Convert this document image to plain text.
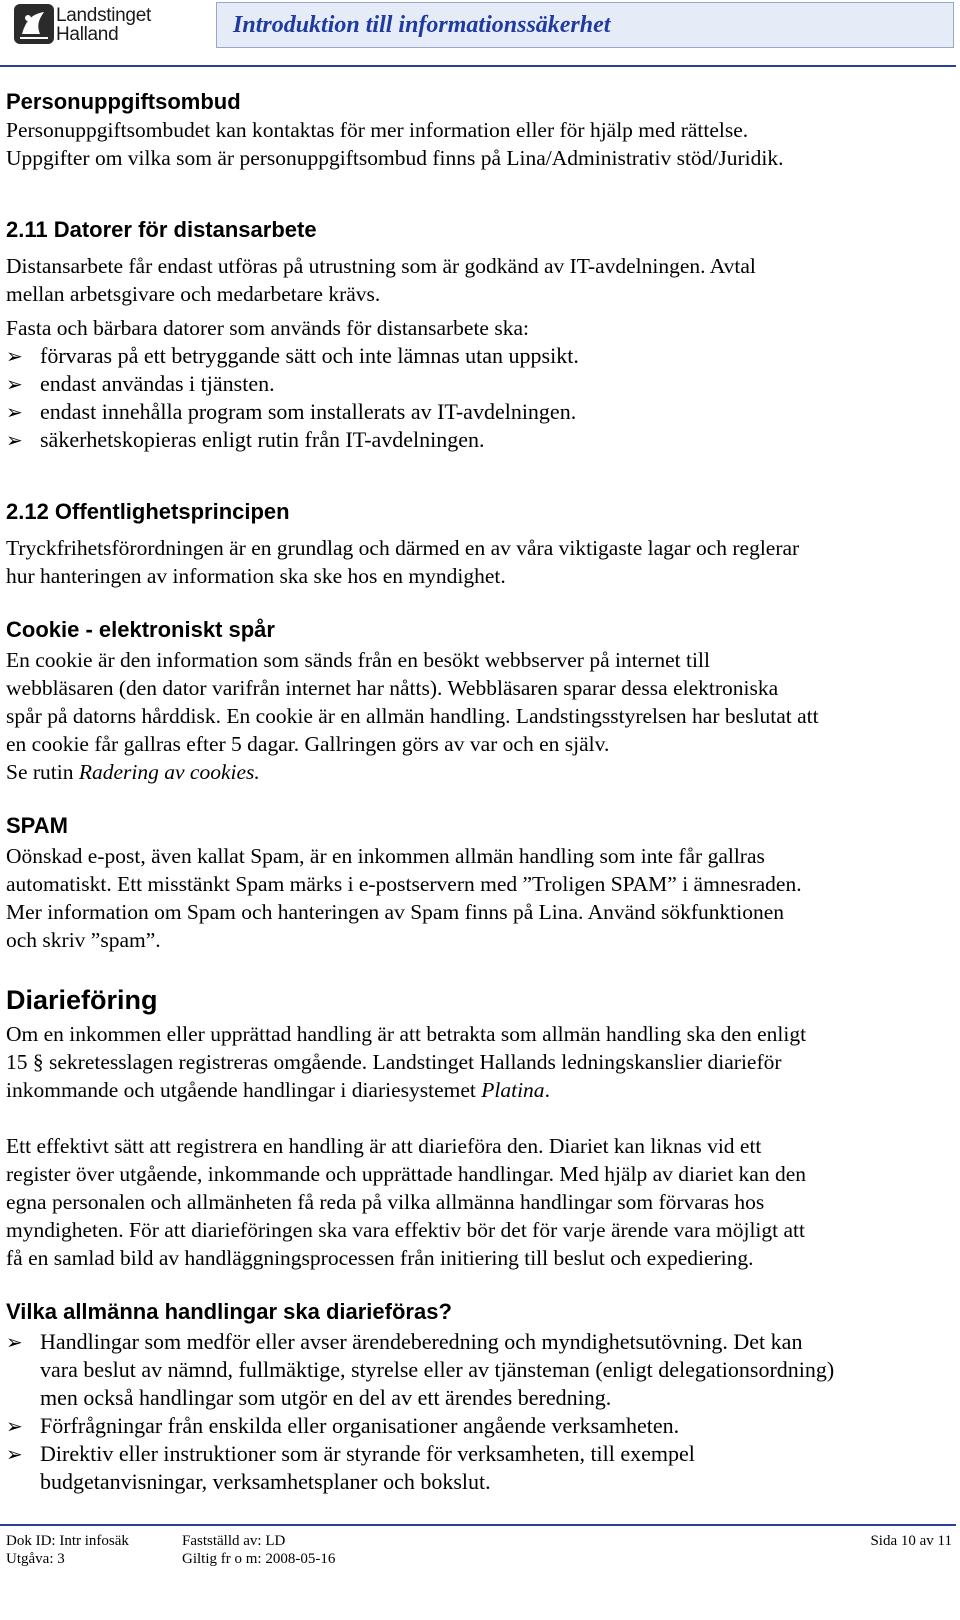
Landstinget
Halland	Introduktion till informationssäkerhet
Personuppgiftsombud
Personuppgiftsombudet kan kontaktas för mer information eller för hjälp med rättelse.
Uppgifter om vilka som är personuppgiftsombud finns på Lina/Administrativ stöd/Juridik.
2.11 Datorer för distansarbete
Distansarbete får endast utföras på utrustning som är godkänd av IT-avdelningen. Avtal
mellan arbetsgivare och medarbetare krävs.
Fasta och bärbara datorer som används för distansarbete ska:
➢ förvaras på ett betryggande sätt och inte lämnas utan uppsikt.
➢ endast användas i tjänsten.
➢ endast innehålla program som installerats av IT-avdelningen.
➢ säkerhetskopieras enligt rutin från IT-avdelningen.
2.12 Offentlighetsprincipen
Tryckfrihetsförordningen är en grundlag och därmed en av våra viktigaste lagar och reglerar
hur hanteringen av information ska ske hos en myndighet.
Cookie - elektroniskt spår
En cookie är den information som sänds från en besökt webbserver på internet till
webbläsaren (den dator varifrån internet har nåtts). Webbläsaren sparar dessa elektroniska
spår på datorns hårddisk. En cookie är en allmän handling. Landstingsstyrelsen har beslutat att
en cookie får gallras efter 5 dagar. Gallringen görs av var och en själv.
Se rutin Radering av cookies.
SPAM
Oönskad e-post, även kallat Spam, är en inkommen allmän handling som inte får gallras
automatiskt. Ett misstänkt Spam märks i e-postservern med ”Troligen SPAM” i ämnesraden.
Mer information om Spam och hanteringen av Spam finns på Lina. Använd sökfunktionen
och skriv ”spam”.
Diarieföring
Om en inkommen eller upprättad handling är att betrakta som allmän handling ska den enligt
15 § sekretesslagen registreras omgående. Landstinget Hallands ledningskanslier diarieför
inkommande och utgående handlingar i diariesystemet Platina.
Ett effektivt sätt att registrera en handling är att diarieföra den. Diariet kan liknas vid ett
register över utgående, inkommande och upprättade handlingar. Med hjälp av diariet kan den
egna personalen och allmänheten få reda på vilka allmänna handlingar som förvaras hos
myndigheten. För att diarieföringen ska vara effektiv bör det för varje ärende vara möjligt att
få en samlad bild av handläggningsprocessen från initiering till beslut och expediering.
Vilka allmänna handlingar ska diarieföras?
➢ Handlingar som medför eller avser ärendeberedning och myndighetsutövning. Det kan
vara beslut av nämnd, fullmäktige, styrelse eller av tjänsteman (enligt delegationsordning)
men också handlingar som utgör en del av ett ärendes beredning.
➢ Förfrågningar från enskilda eller organisationer angående verksamheten.
➢ Direktiv eller instruktioner som är styrande för verksamheten, till exempel
budgetanvisningar, verksamhetsplaner och bokslut.
Dok ID: Intr infosäk
Utgåva: 3
Fastställd av: LD
Giltig fr o m: 2008-05-16
Sida 10 av 11
